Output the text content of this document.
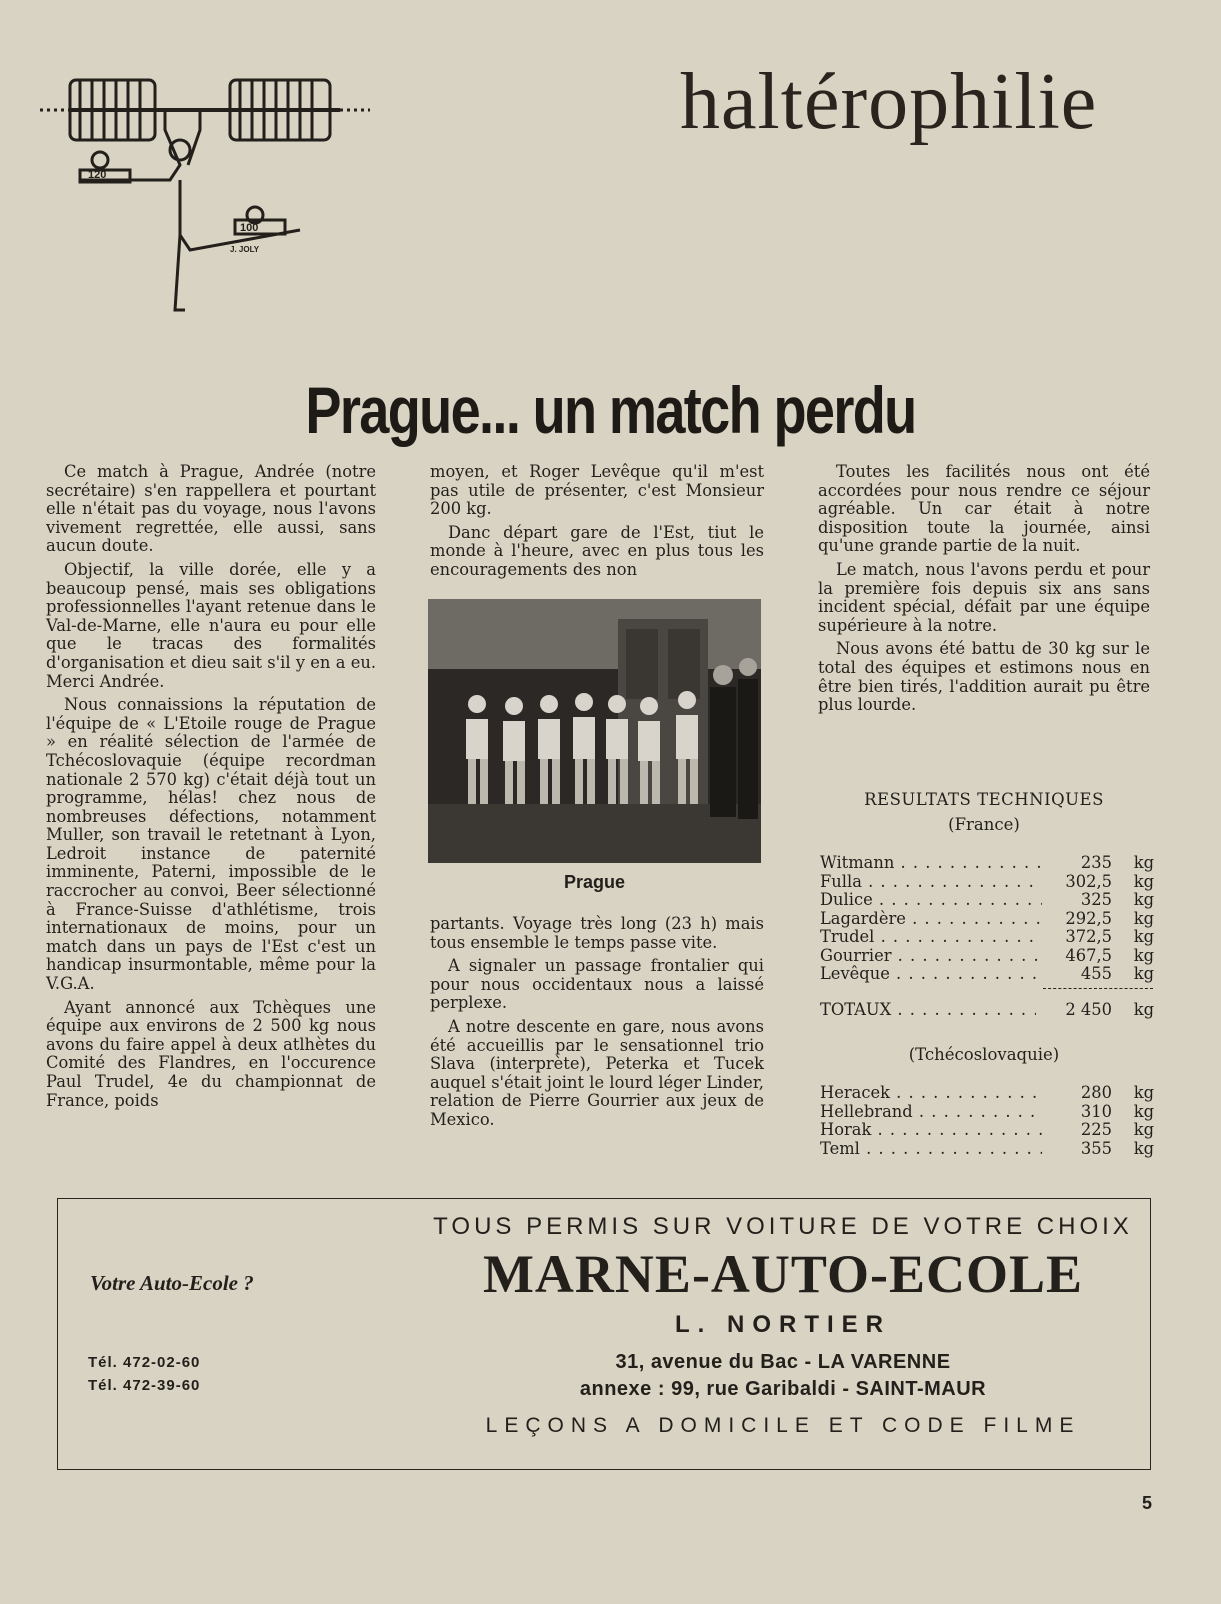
haltérophilie
120
100
J. JOLY
Prague... un match perdu

Ce match à Prague, Andrée (notre secrétaire) s'en rappellera et pourtant elle n'était pas du voyage, nous l'avons vivement regrettée, elle aussi, sans aucun doute.

Objectif, la ville dorée, elle y a beaucoup pensé, mais ses obligations professionnelles l'ayant retenue dans le Val-de-Marne, elle n'aura eu pour elle que le tracas des formalités d'organisation et dieu sait s'il y en a eu. Merci Andrée.

Nous connaissions la réputation de l'équipe de « L'Etoile rouge de Prague » en réalité sélection de l'armée de Tchécoslovaquie (équipe recordman nationale 2 570 kg) c'était déjà tout un programme, hélas! chez nous de nombreuses défections, notamment Muller, son travail le retetnant à Lyon, Ledroit instance de paternité imminente, Paterni, impossible de le raccrocher au convoi, Beer sélectionné à France-Suisse d'athlétisme, trois internationaux de moins, pour un match dans un pays de l'Est c'est un handicap insurmontable, même pour la V.G.A.

Ayant annoncé aux Tchèques une équipe aux environs de 2 500 kg nous avons du faire appel à deux atlhètes du Comité des Flandres, en l'occurence Paul Trudel, 4e du championnat de France, poids

moyen, et Roger Levêque qu'il m'est pas utile de présenter, c'est Monsieur 200 kg.

Danc départ gare de l'Est, tiut le monde à l'heure, avec en plus tous les encouragements des non

Prague

partants. Voyage très long (23 h) mais tous ensemble le temps passe vite.

A signaler un passage frontalier qui pour nous occidentaux nous a laissé perplexe.

A notre descente en gare, nous avons été accueillis par le sensationnel trio Slava (interprète), Peterka et Tucek auquel s'était joint le lourd léger Linder, relation de Pierre Gourrier aux jeux de Mexico.

Toutes les facilités nous ont été accordées pour nous rendre ce séjour agréable. Un car était à notre disposition toute la journée, ainsi qu'une grande partie de la nuit.

Le match, nous l'avons perdu et pour la première fois depuis six ans sans incident spécial, défait par une équipe supérieure à la notre.

Nous avons été battu de 30 kg sur le total des équipes et estimons nous en être bien tirés, l'addition aurait pu être plus lourde.

RESULTATS TECHNIQUES
(France)
Witmann . . .	235	kg
Fulla . . .	302,5	kg
Dulice . . .	325	kg
Lagardère . . .	292,5	kg
Trudel . . .	372,5	kg
Gourrier . . .	467,5	kg
Levêque . . .	455	kg
TOTAUX . . .	2 450	kg
(Tchécoslovaquie)
Heracek . . .	280	kg
Hellebrand . . .	310	kg
Horak . . .	225	kg
Teml . . .	355	kg
Votre Auto-Ecole ?
Tél. 472-02-60
Tél. 472-39-60
TOUS PERMIS SUR VOITURE DE VOTRE CHOIX
MARNE-AUTO-ECOLE
L. NORTIER
31, avenue du Bac - LA VARENNE
annexe : 99, rue Garibaldi - SAINT-MAUR
LEÇONS A DOMICILE ET CODE FILME
5
